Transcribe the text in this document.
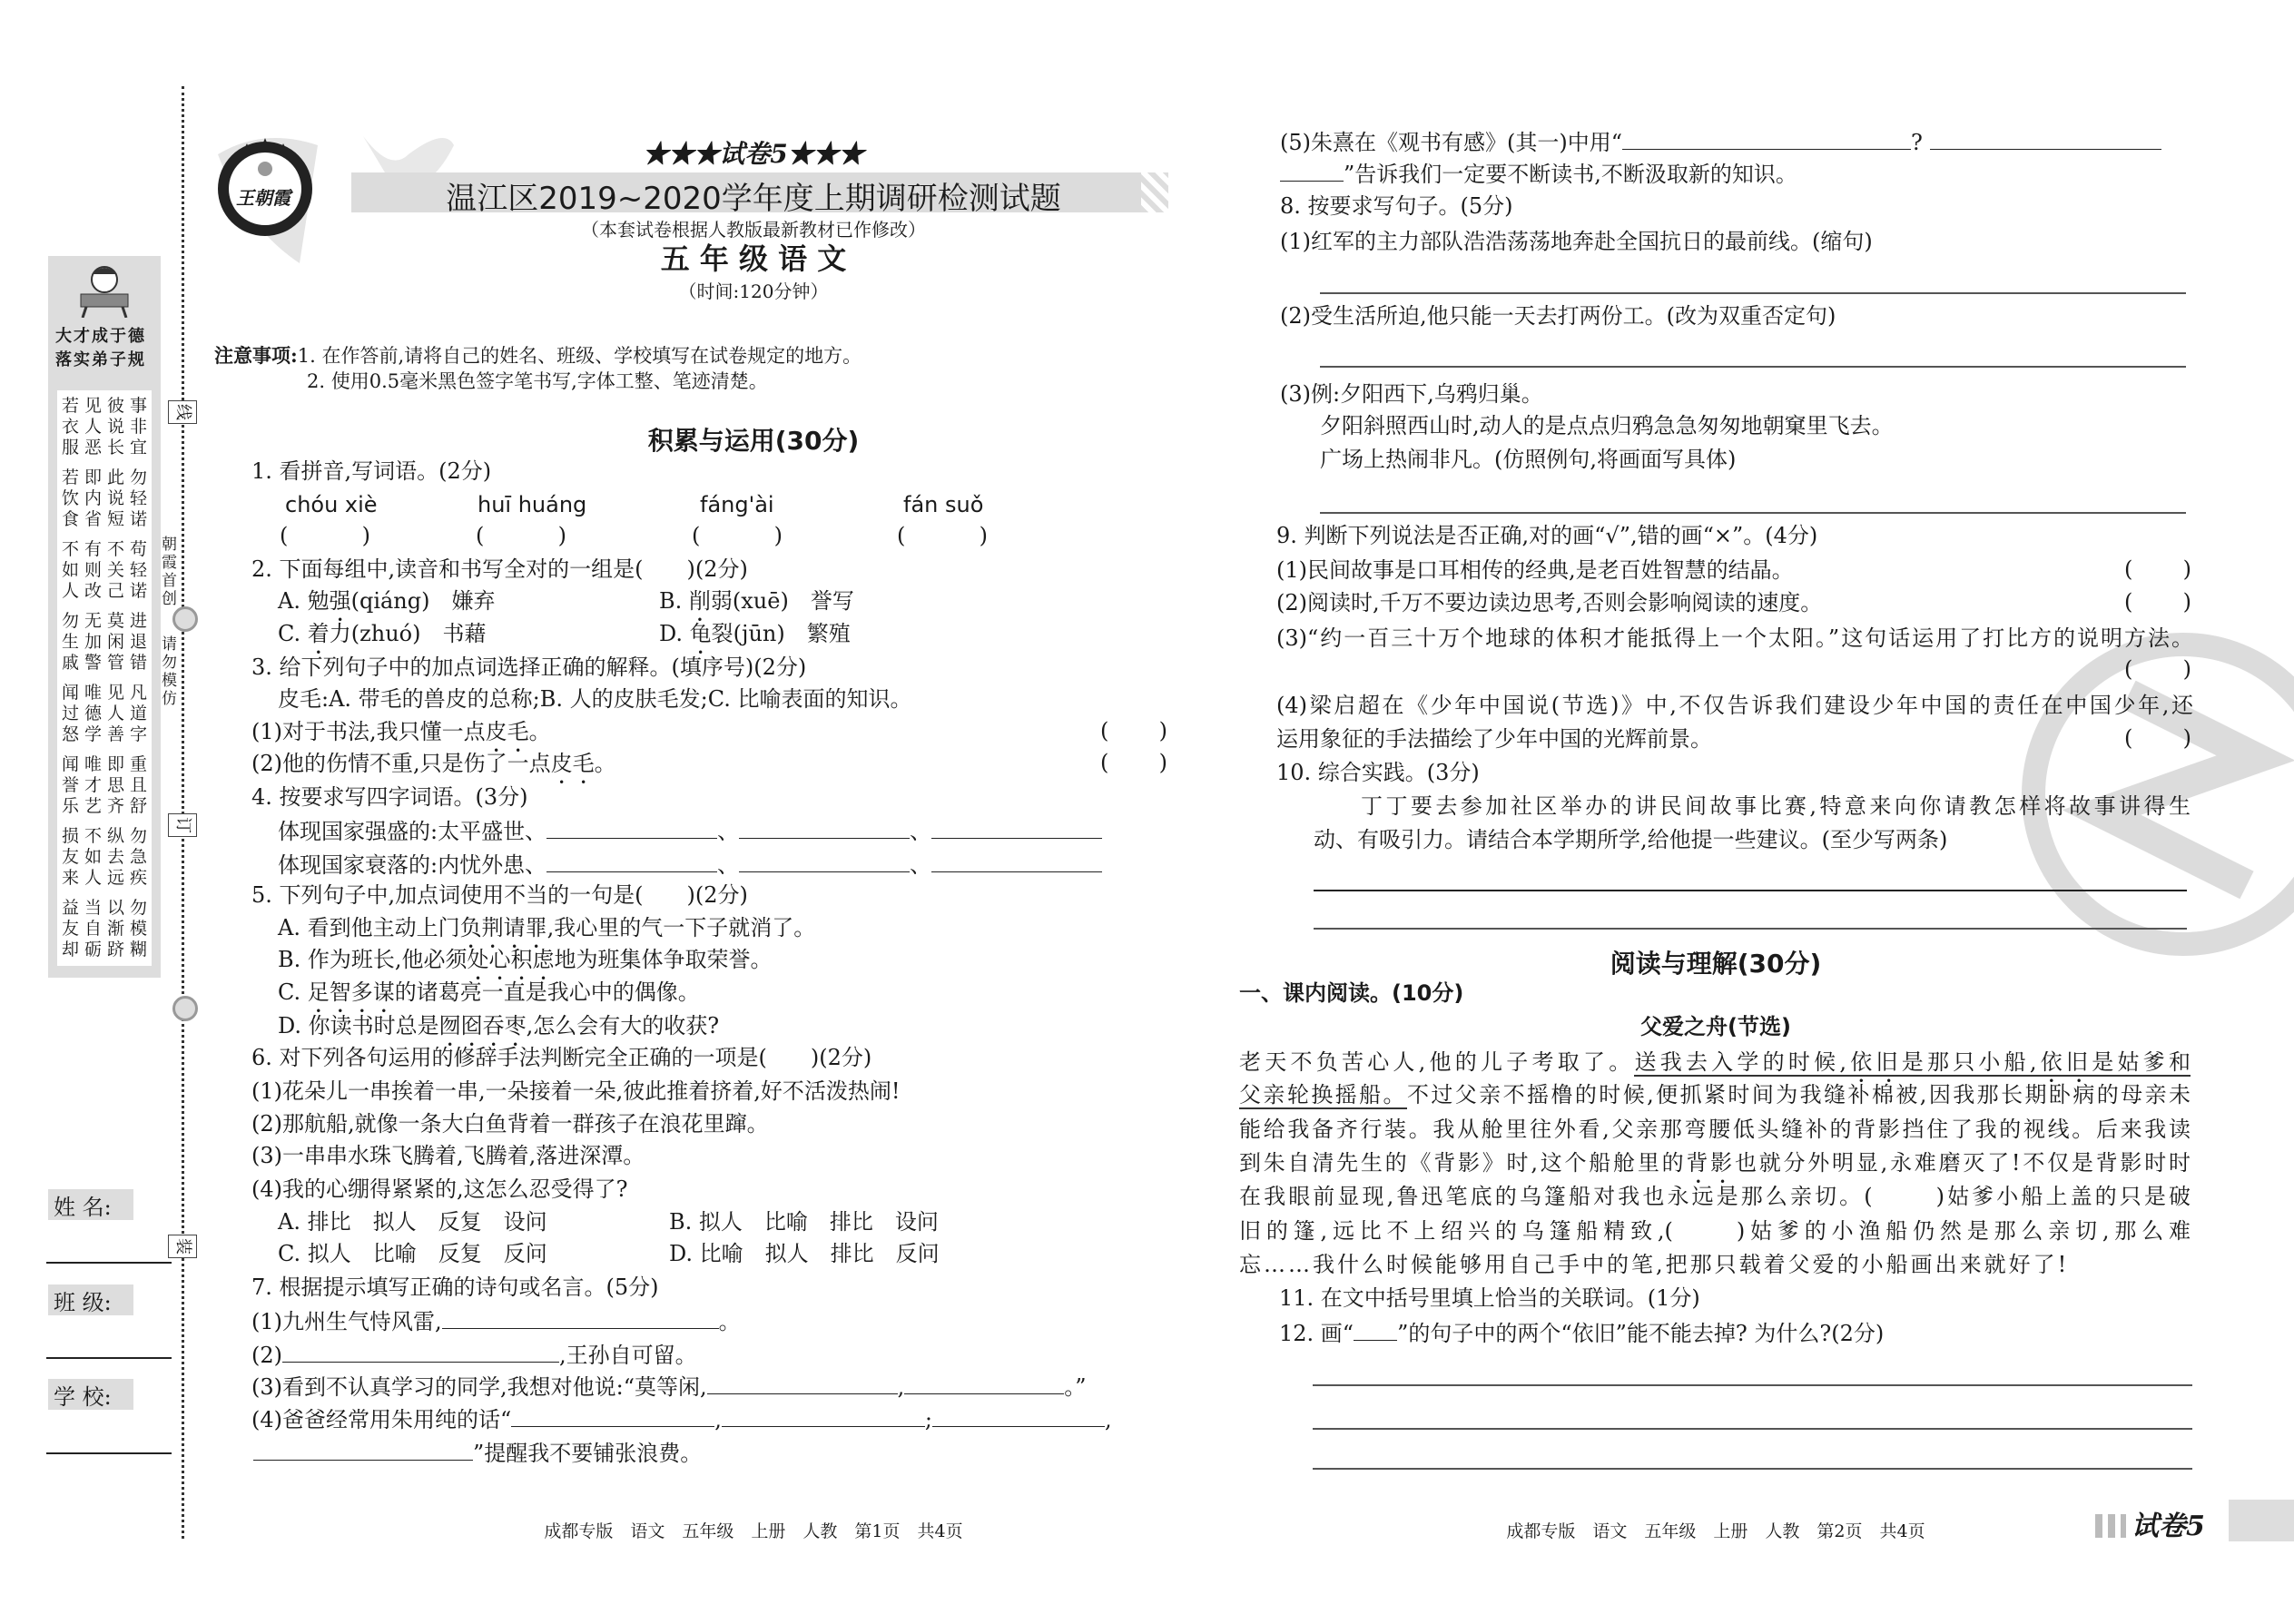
线
订
装
朝霞首创
请勿模仿
大才成于德
落实弟子规
若 见 彼 事
衣 人 说 非
服 恶 长 宜
若 即 此 勿
饮 内 说 轻
食 省 短 诺
不 有 不 苟
如 则 关 轻
人 改 己 诺
勿 无 莫 进
生 加 闲 退
戚 警 管 错
闻 唯 见 凡
过 德 人 道
怒 学 善 字
闻 唯 即 重
誉 才 思 且
乐 艺 齐 舒
损 不 纵 勿
友 如 去 急
来 人 远 疾
益 当 以 勿
友 自 渐 模
却 砺 跻 糊
姓 名:
班 级:
学 校:
王朝霞
★★★试卷5★★★
温江区2019~2020学年度上期调研检测试题
（本套试卷根据人教版最新教材已作修改）
五 年 级 语 文
（时间:120分钟）
注意事项:1. 在作答前,请将自己的姓名、班级、学校填写在试卷规定的地方。
2. 使用0.5毫米黑色签字笔书写,字体工整、笔迹清楚。
积累与运用(30分)
1. 看拼音,写词语。(2分)
chóu xiè	huī huáng	fáng'ài	fán suǒ
(	)	(	)	(	)	(	)
2. 下面每组中,读音和书写全对的一组是(　　)(2分)
A. 勉强(qiáng)　嫌弃	B. 削弱(xuē)　誉写
C. 着力(zhuó)　书藉	D. 龟裂(jūn)　繁殖
3. 给下列句子中的加点词选择正确的解释。(填序号)(2分)
皮毛:A. 带毛的兽皮的总称;B. 人的皮肤毛发;C. 比喻表面的知识。
(1)对于书法,我只懂一点皮毛。	( )
(2)他的伤情不重,只是伤了一点皮毛。	( )
4. 按要求写四字词语。(3分)
体现国家强盛的:太平盛世、	、	、
体现国家衰落的:内忧外患、	、	、
5. 下列句子中,加点词使用不当的一句是(　　)(2分)
A. 看到他主动上门负荆请罪,我心里的气一下子就消了。
B. 作为班长,他必须处心积虑地为班集体争取荣誉。
C. 足智多谋的诸葛亮一直是我心中的偶像。
D. 你读书时总是囫囵吞枣,怎么会有大的收获?
6. 对下列各句运用的修辞手法判断完全正确的一项是(　　)(2分)
(1)花朵儿一串挨着一串,一朵接着一朵,彼此推着挤着,好不活泼热闹!
(2)那航船,就像一条大白鱼背着一群孩子在浪花里蹿。
(3)一串串水珠飞腾着,飞腾着,落进深潭。
(4)我的心绷得紧紧的,这怎么忍受得了?
A. 排比　拟人　反复　设问	B. 拟人　比喻　排比　设问
C. 拟人　比喻　反复　反问	D. 比喻　拟人　排比　反问
7. 根据提示填写正确的诗句或名言。(5分)
(1)九州生气恃风雷,	。
(2)	,王孙自可留。
(3)看到不认真学习的同学,我想对他说:“莫等闲,	,	。”
(4)爸爸经常用朱用纯的话“	,	;	,
”提醒我不要铺张浪费。
成都专版　语文　五年级　上册　人教　第1页　共4页
(5)朱熹在《观书有感》(其一)中用“	?
”告诉我们一定要不断读书,不断汲取新的知识。
8. 按要求写句子。(5分)
(1)红军的主力部队浩浩荡荡地奔赴全国抗日的最前线。(缩句)
(2)受生活所迫,他只能一天去打两份工。(改为双重否定句)
(3)例:夕阳西下,乌鸦归巢。
夕阳斜照西山时,动人的是点点归鸦急急匆匆地朝窠里飞去。
广场上热闹非凡。(仿照例句,将画面写具体)
9. 判断下列说法是否正确,对的画“√”,错的画“×”。(4分)
(1)民间故事是口耳相传的经典,是老百姓智慧的结晶。	( )
(2)阅读时,千万不要边读边思考,否则会影响阅读的速度。	( )
(3)“约一百三十万个地球的体积才能抵得上一个太阳。”这句话运用了打比方的说明方法。
( )
(4)梁启超在《少年中国说(节选)》中,不仅告诉我们建设少年中国的责任在中国少年,还
运用象征的手法描绘了少年中国的光辉前景。	( )
10. 综合实践。(3分)
丁丁要去参加社区举办的讲民间故事比赛,特意来向你请教怎样将故事讲得生
动、有吸引力。请结合本学期所学,给他提一些建议。(至少写两条)
阅读与理解(30分)
一、课内阅读。(10分)
父爱之舟(节选)
老天不负苦心人,他的儿子考取了。送我去入学的时候,依旧是那只小船,依旧是姑爹和
父亲轮换摇船。不过父亲不摇橹的时候,便抓紧时间为我缝补棉被,因我那长期卧病的母亲未
能给我备齐行装。我从舱里往外看,父亲那弯腰低头缝补的背影挡住了我的视线。后来我读
到朱自清先生的《背影》时,这个船舱里的背影也就分外明显,永难磨灭了!不仅是背影时时
在我眼前显现,鲁迅笔底的乌篷船对我也永远是那么亲切。(	)姑爹小船上盖的只是破
旧的篷,远比不上绍兴的乌篷船精致,(	)姑爹的小渔船仍然是那么亲切,那么难
忘……我什么时候能够用自己手中的笔,把那只载着父爱的小船画出来就好了!
11. 在文中括号里填上恰当的关联词。(1分)
12. 画“ ”的句子中的两个“依旧”能不能去掉? 为什么?(2分)
成都专版　语文　五年级　上册　人教　第2页　共4页	试卷5
